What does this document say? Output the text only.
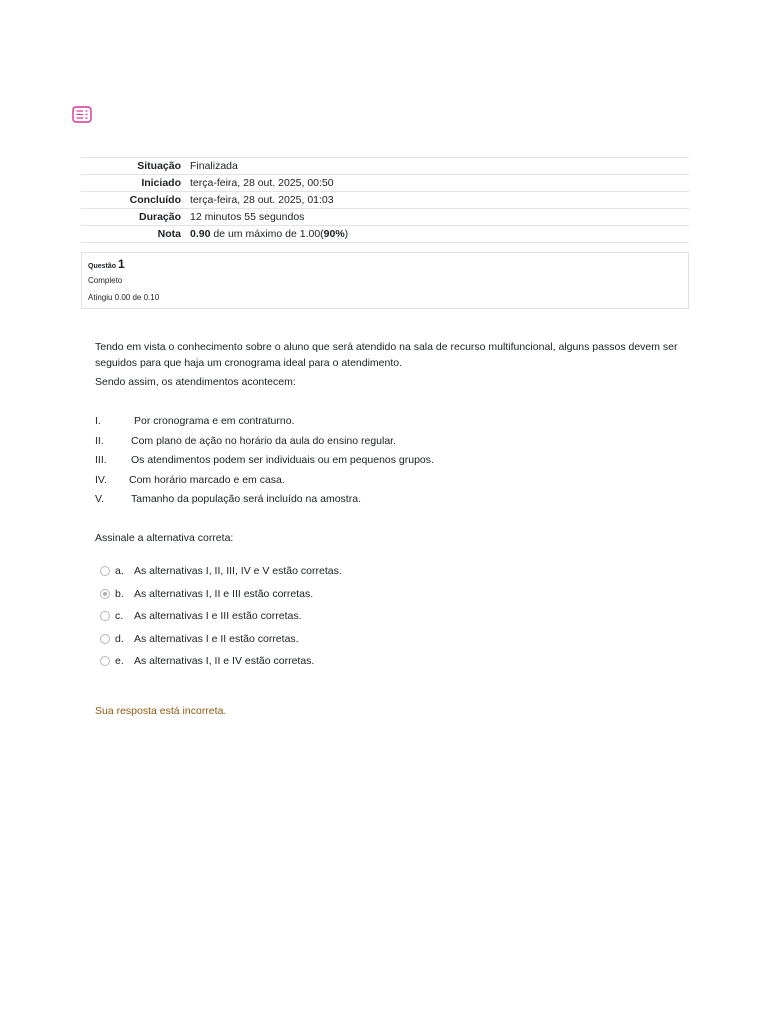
Situação	Finalizada
Iniciado	terça-feira, 28 out. 2025, 00:50
Concluído	terça-feira, 28 out. 2025, 01:03
Duração	12 minutos 55 segundos
Nota	0.90 de um máximo de 1.00(90%)
Questão 1
Completo
Atingiu 0.00 de 0.10

Tendo em vista o conhecimento sobre o aluno que será atendido na sala de recurso multifuncional, alguns passos devem ser seguidos para que haja um cronograma ideal para o atendimento.

Sendo assim, os atendimentos acontecem:

I.	Por cronograma e em contraturno.
II.	Com plano de ação no horário da aula do ensino regular.
III. Os atendimentos podem ser individuais ou em pequenos grupos.
IV. Com horário marcado e em casa.
V.	Tamanho da população será incluído na amostra.
Assinale a alternativa correta:
a. As alternativas I, II, III, IV e V estão corretas.
b. As alternativas I, II e III estão corretas.
c. As alternativas I e III estão corretas.
d. As alternativas I e II estão corretas.
e. As alternativas I, II e IV estão corretas.
Sua resposta está incorreta.
